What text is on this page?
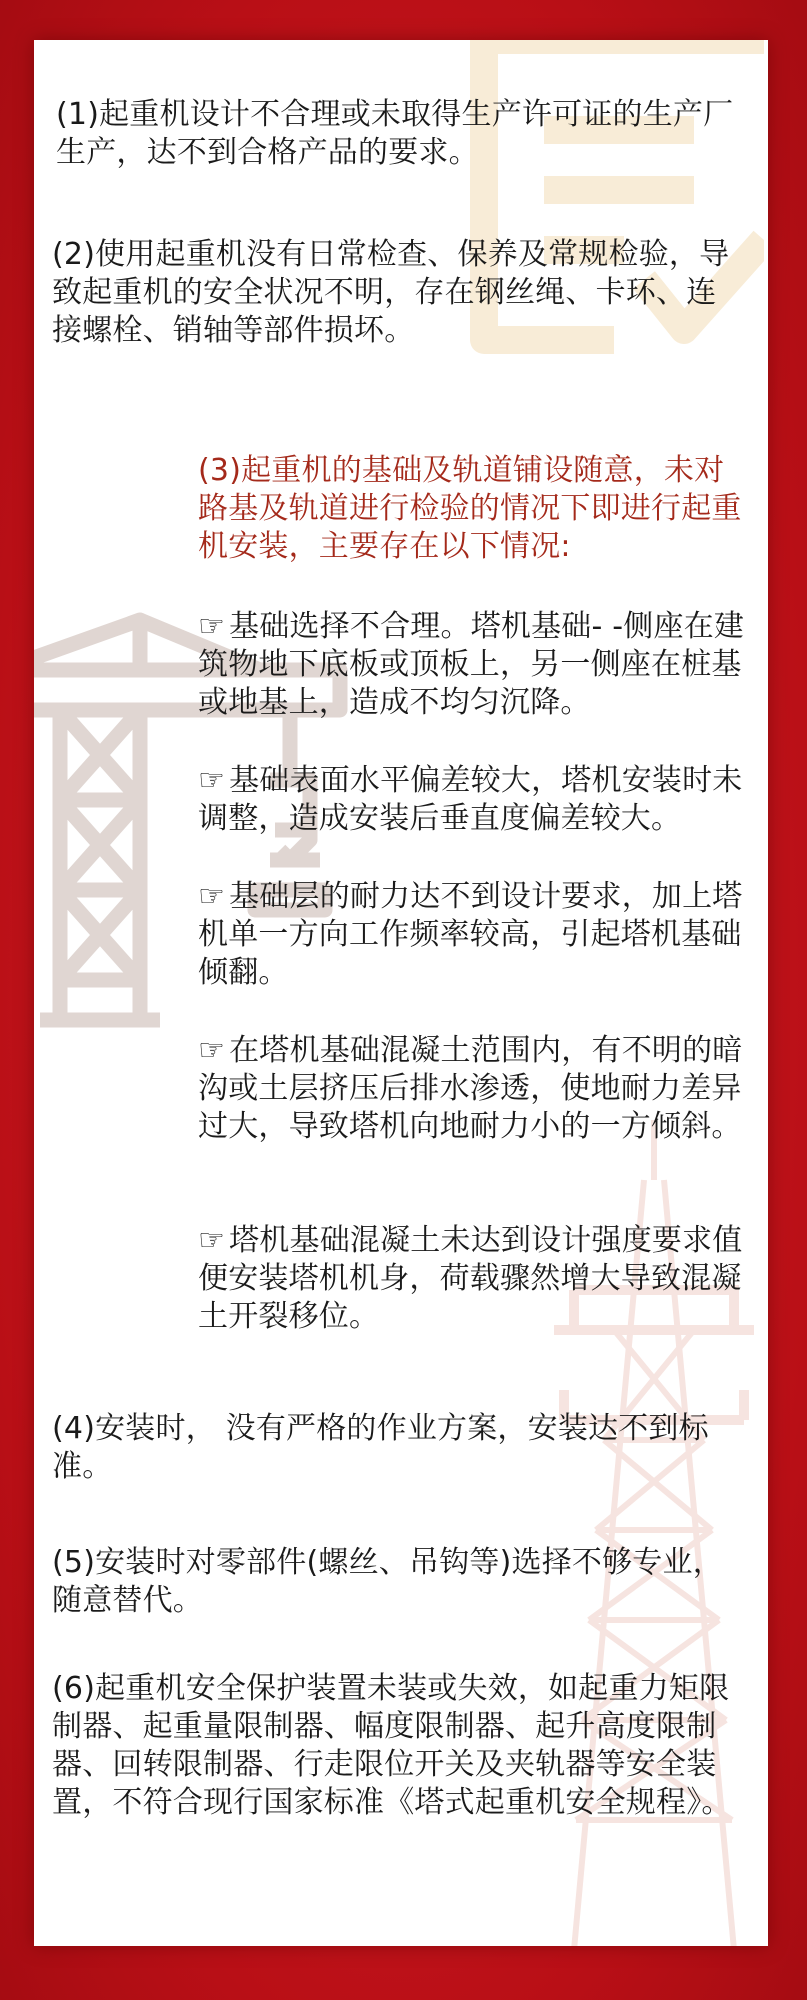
(1)起重机设计不合理或未取得生产许可证的生产厂生产，达不到合格产品的要求。

(2)使用起重机没有日常检查、保养及常规检验，导致起重机的安全状况不明，存在钢丝绳、卡环、连接螺栓、销轴等部件损坏。

(3)起重机的基础及轨道铺设随意，未对路基及轨道进行检验的情况下即进行起重机安装，主要存在以下情况:

☞ 基础选择不合理。塔机基础- -侧座在建筑物地下底板或顶板上，另一侧座在桩基或地基上，造成不均匀沉降。

☞ 基础表面水平偏差较大，塔机安装时未调整，造成安装后垂直度偏差较大。

☞ 基础层的耐力达不到设计要求，加上塔机单一方向工作频率较高，引起塔机基础倾翻。

☞ 在塔机基础混凝土范围内，有不明的暗沟或土层挤压后排水渗透，使地耐力差异过大，导致塔机向地耐力小的一方倾斜。

☞ 塔机基础混凝土未达到设计强度要求值便安装塔机机身，荷载骤然增大导致混凝土开裂移位。

(4)安装时， 没有严格的作业方案，安装达不到标准。

(5)安装时对零部件(螺丝、吊钩等)选择不够专业，随意替代。

(6)起重机安全保护装置未装或失效，如起重力矩限制器、起重量限制器、幅度限制器、起升高度限制器、回转限制器、行走限位开关及夹轨器等安全装置，不符合现行国家标准《塔式起重机安全规程》。
